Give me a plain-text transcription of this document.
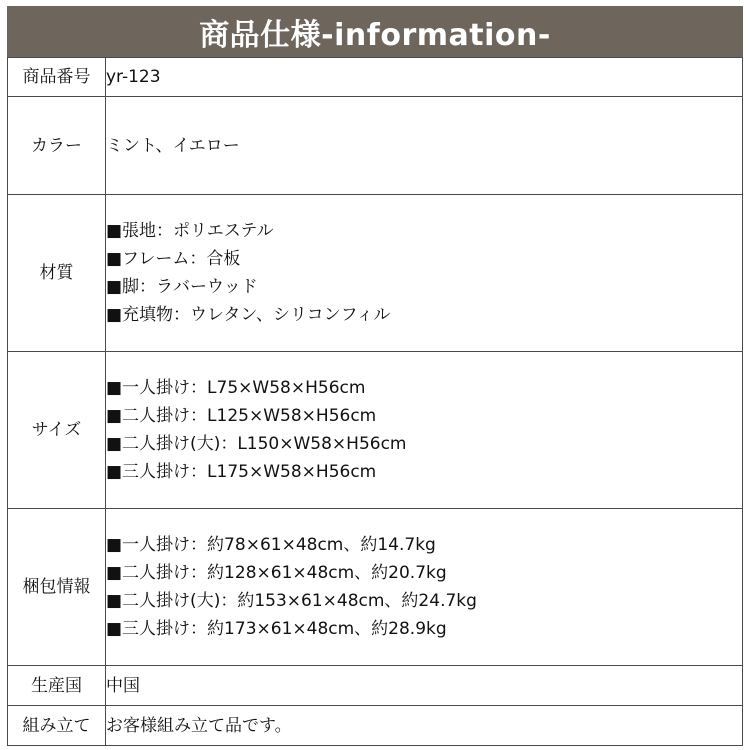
商品仕様-information-
商品番号	yr-123
カラー	ミント、イエロー
材質	■張地：ポリエステル
■フレーム：合板
■脚：ラバーウッド
■充填物：ウレタン、シリコンフィル

サイズ	■一人掛け：L75×W58×H56cm
■二人掛け：L125×W58×H56cm
■二人掛け(大)：L150×W58×H56cm
■三人掛け：L175×W58×H56cm

梱包情報	■一人掛け：約78×61×48cm、約14.7kg
■二人掛け：約128×61×48cm、約20.7kg
■二人掛け(大)：約153×61×48cm、約24.7kg
■三人掛け：約173×61×48cm、約28.9kg

生産国	中国
組み立て	お客様組み立て品です。
